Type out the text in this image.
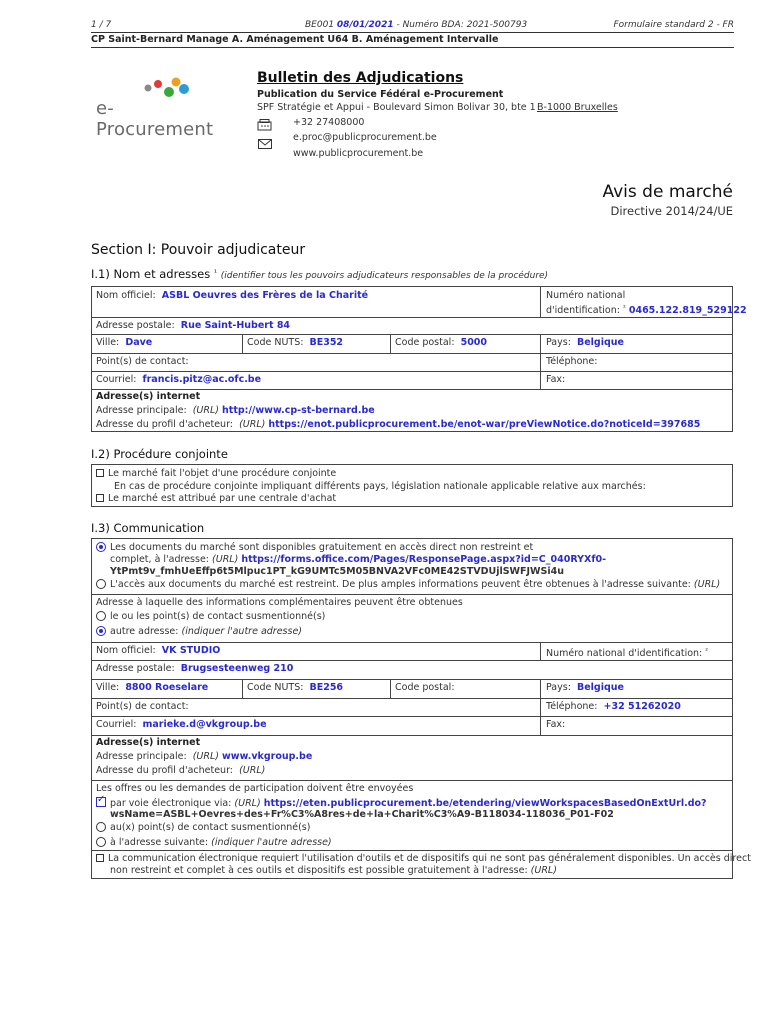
1 / 7	BE001 08/01/2021 - Numéro BDA: 2021-500793	Formulaire standard 2 - FR
CP Saint-Bernard Manage A. Aménagement U64 B. Aménagement Intervalle
e-Procurement
Bulletin des Adjudications
Publication du Service Fédéral e-Procurement
SPF Stratégie et Appui - Boulevard Simon Bolivar 30, bte 1 B-1000 Bruxelles
+32 27408000
e.proc@publicprocurement.be
www.publicprocurement.be
Avis de marché
Directive 2014/24/UE
Section I: Pouvoir adjudicateur
I.1) Nom et adresses $^{^1}$ (identifier tous les pouvoirs adjudicateurs responsables de la procédure)
Nom officiel: ASBL Oeuvres des Frères de la Charité	Numéro national
d'identification: $^{^2}$ 0465.122.819_529122
Adresse postale: Rue Saint-Hubert 84
Ville: Dave	Code NUTS: BE352	Code postal: 5000	Pays: Belgique
Point(s) de contact:	Téléphone:
Courriel: francis.pitz@ac.ofc.be	Fax:
Adresse(s) internet
Adresse principale: (URL) http://www.cp-st-bernard.be
Adresse du profil d'acheteur: (URL) https://enot.publicprocurement.be/enot-war/preViewNotice.do?noticeId=397685
I.2) Procédure conjointe
Le marché fait l'objet d'une procédure conjointe
En cas de procédure conjointe impliquant différents pays, législation nationale applicable relative aux marchés:
Le marché est attribué par une centrale d'achat
I.3) Communication
Les documents du marché sont disponibles gratuitement en accès direct non restreint et
complet, à l'adresse: (URL) https://forms.office.com/Pages/ResponsePage.aspx?id=C_040RYXf0-
YtPmt9v_fmhUeEffp6t5Mlpuc1PT_kG9UMTc5M05BNVA2VFc0ME42STVDUjlSWFJWSi4u
L'accès aux documents du marché est restreint. De plus amples informations peuvent être obtenues à l'adresse suivante: (URL)
Adresse à laquelle des informations complémentaires peuvent être obtenues
le ou les point(s) de contact susmentionné(s)
autre adresse: (indiquer l'autre adresse)
Nom officiel: VK STUDIO	Numéro national d'identification: $^{^2}$
Adresse postale: Brugsesteenweg 210
Ville: 8800 Roeselare	Code NUTS: BE256	Code postal:	Pays: Belgique
Point(s) de contact:	Téléphone: +32 51262020
Courriel: marieke.d@vkgroup.be	Fax:
Adresse(s) internet
Adresse principale: (URL) www.vkgroup.be
Adresse du profil d'acheteur: (URL)
Les offres ou les demandes de participation doivent être envoyées
✓par voie électronique via: (URL) https://eten.publicprocurement.be/etendering/viewWorkspacesBasedOnExtUrl.do?
wsName=ASBL+Oevres+des+Fr%C3%A8res+de+la+Charit%C3%A9-B118034-118036_P01-F02
au(x) point(s) de contact susmentionné(s)
à l'adresse suivante: (indiquer l'autre adresse)
La communication électronique requiert l'utilisation d'outils et de dispositifs qui ne sont pas généralement disponibles. Un accès direct
non restreint et complet à ces outils et dispositifs est possible gratuitement à l'adresse: (URL)
